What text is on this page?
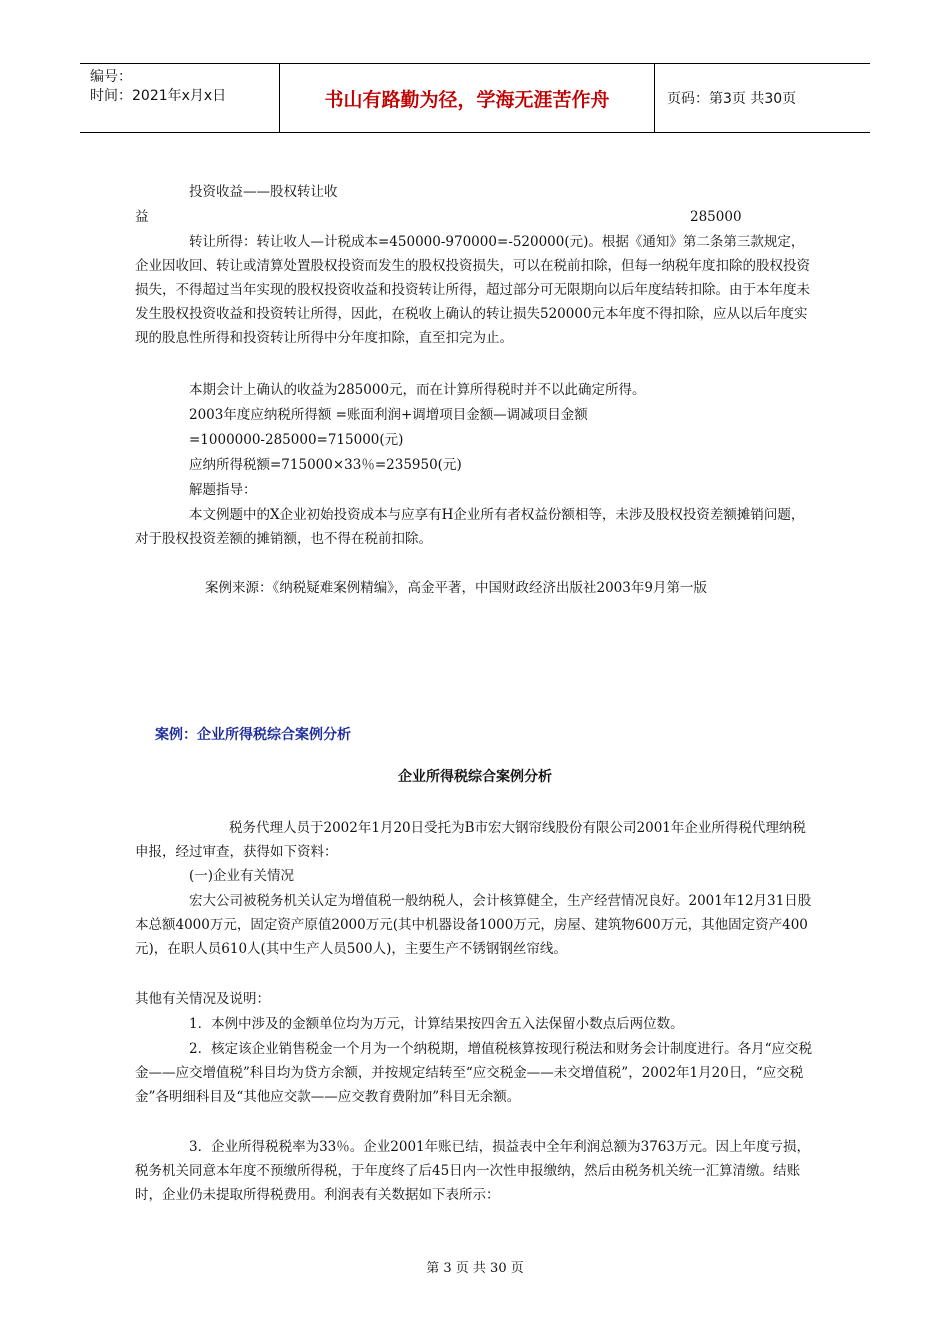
编号：
时间：2021年x月x日	书山有路勤为径，学海无涯苦作舟	页码：第3页 共30页
投资收益——股权转让收
益	285000
转让所得：转让收人—计税成本=450000-970000=-520000(元)。根据《通知》第二条第三款规定，企业因收回、转让或清算处置股权投资而发生的股权投资损失，可以在税前扣除，但每一纳税年度扣除的股权投资损失，不得超过当年实现的股权投资收益和投资转让所得，超过部分可无限期向以后年度结转扣除。由于本年度未发生股权投资收益和投资转让所得，因此，在税收上确认的转让损失520000元本年度不得扣除，应从以后年度实现的股息性所得和投资转让所得中分年度扣除，直至扣完为止。
本期会计上确认的收益为285000元，而在计算所得税时并不以此确定所得。
2003年度应纳税所得额 =账面利润+调增项目金额—调减项目金额
=1000000-285000=715000(元)
应纳所得税额=715000×33％=235950(元)
解题指导：
本文例题中的X企业初始投资成本与应享有H企业所有者权益份额相等，未涉及股权投资差额摊销问题，对于股权投资差额的摊销额，也不得在税前扣除。
案例来源：《纳税疑难案例精编》，高金平著，中国财政经济出版社2003年9月第一版
案例：企业所得税综合案例分析
企业所得税综合案例分析
税务代理人员于2002年1月20日受托为B市宏大钢帘线股份有限公司2001年企业所得税代理纳税申报，经过审查，获得如下资料：
(一)企业有关情况
宏大公司被税务机关认定为增值税一般纳税人，会计核算健全，生产经营情况良好。2001年12月31日股本总额4000万元，固定资产原值2000万元(其中机器设备1000万元，房屋、建筑物600万元，其他固定资产400元)，在职人员610人(其中生产人员500人)，主要生产不锈钢钢丝帘线。
其他有关情况及说明：
1．本例中涉及的金额单位均为万元，计算结果按四舍五入法保留小数点后两位数。
2．核定该企业销售税金一个月为一个纳税期，增值税核算按现行税法和财务会计制度进行。各月“应交税金——应交增值税”科目均为贷方余额，并按规定结转至“应交税金——未交增值税”，2002年1月20日，“应交税金”各明细科目及“其他应交款——应交教育费附加”科目无余额。
3．企业所得税税率为33％。企业2001年账已结，损益表中全年利润总额为3763万元。因上年度亏损，税务机关同意本年度不预缴所得税，于年度终了后45日内一次性申报缴纳，然后由税务机关统一汇算清缴。结账时，企业仍未提取所得税费用。利润表有关数据如下表所示：
第 3 页 共 30 页
